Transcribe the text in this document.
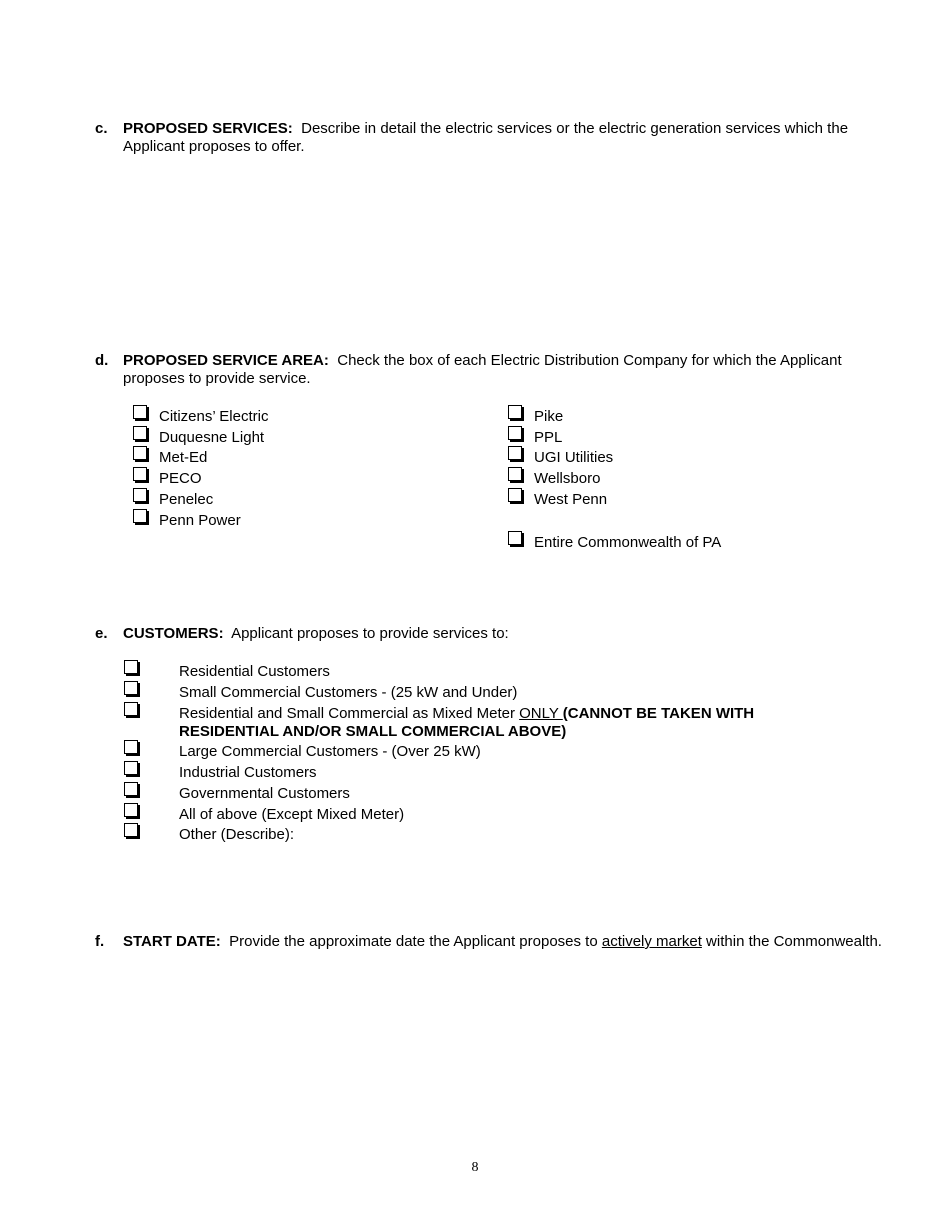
c. PROPOSED SERVICES: Describe in detail the electric services or the electric generation services which the Applicant proposes to offer.
d. PROPOSED SERVICE AREA: Check the box of each Electric Distribution Company for which the Applicant proposes to provide service.
Citizens’ Electric
Duquesne Light
Met-Ed
PECO
Penelec
Penn Power
Pike
PPL
UGI Utilities
Wellsboro
West Penn
Entire Commonwealth of PA
e. CUSTOMERS: Applicant proposes to provide services to:
Residential Customers
Small Commercial Customers - (25 kW and Under)
Residential and Small Commercial as Mixed Meter ONLY (CANNOT BE TAKEN WITH
RESIDENTIAL AND/OR SMALL COMMERCIAL ABOVE)
Large Commercial Customers - (Over 25 kW)
Industrial Customers
Governmental Customers
All of above (Except Mixed Meter)
Other (Describe):
f. START DATE: Provide the approximate date the Applicant proposes to actively market within the Commonwealth.
8
